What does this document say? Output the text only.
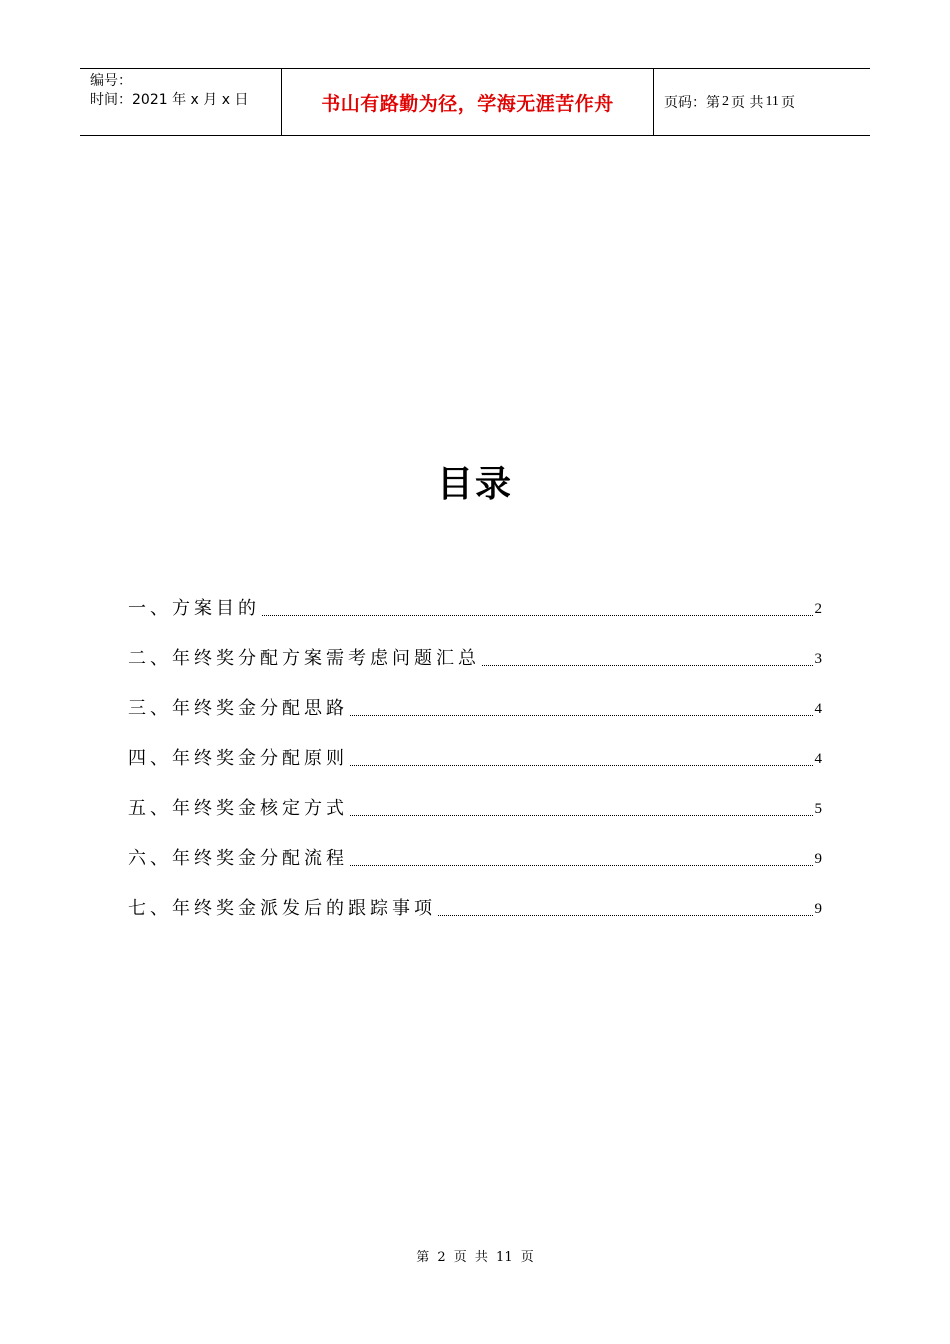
编号：
时间：2021 年 x 月 x 日	书山有路勤为径，学海无涯苦作舟	页码：第 2 页 共 11 页
目录
一、方案目的	2
二、年终奖分配方案需考虑问题汇总	3
三、年终奖金分配思路	4
四、年终奖金分配原则	4
五、年终奖金核定方式	5
六、年终奖金分配流程	9
七、年终奖金派发后的跟踪事项	9
第 2 页 共 11 页
